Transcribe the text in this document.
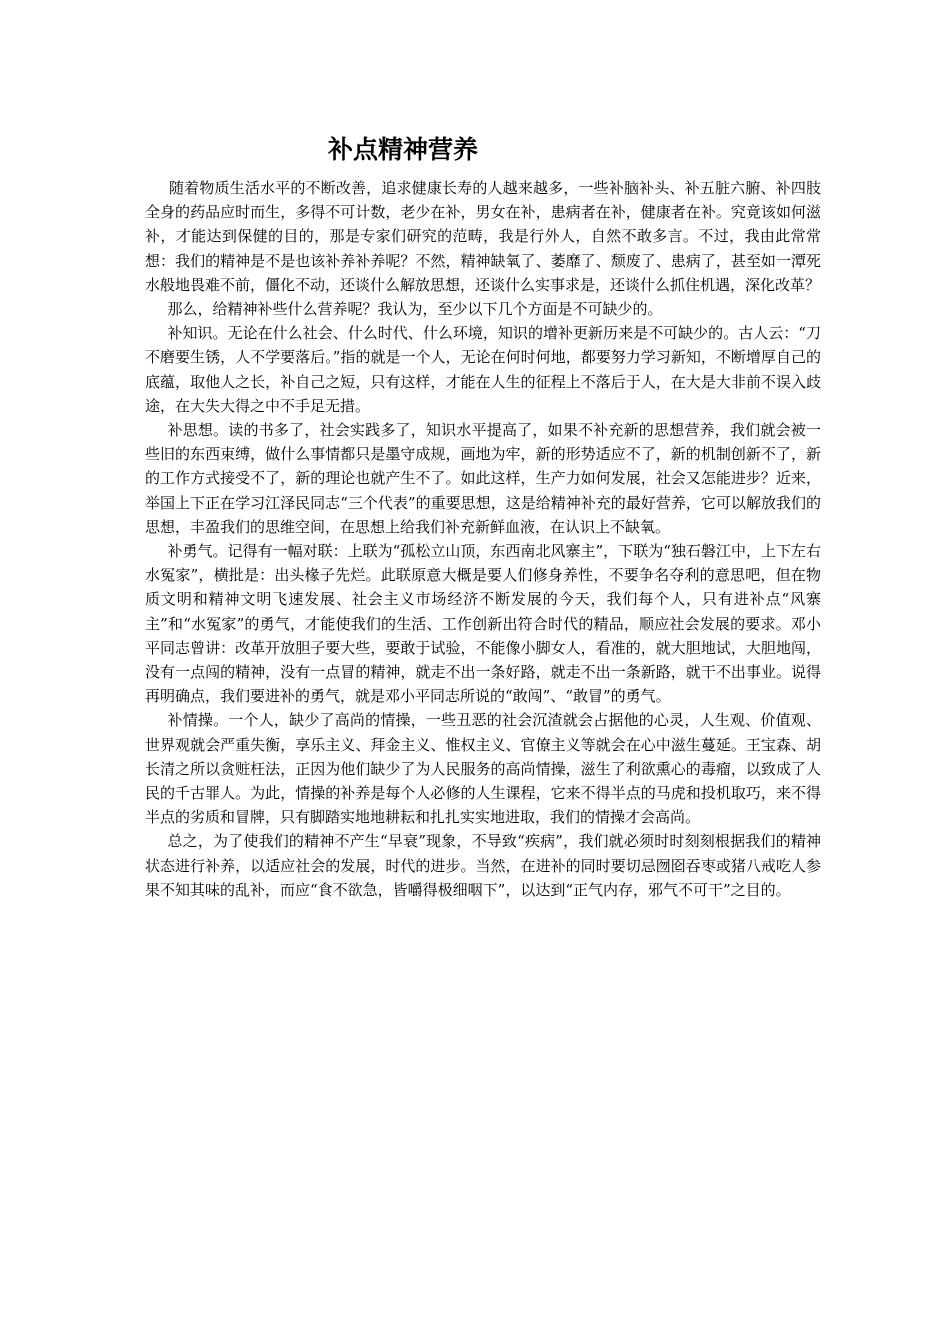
补点精神营养

随着物质生活水平的不断改善，追求健康长寿的人越来越多，一些补脑补头、补五脏六腑、补四肢全身的药品应时而生，多得不可计数，老少在补，男女在补，患病者在补，健康者在补。究竟该如何滋补，才能达到保健的目的，那是专家们研究的范畴，我是行外人，自然不敢多言。不过，我由此常常想：我们的精神是不是也该补养补养呢？不然，精神缺氧了、萎靡了、颓废了、患病了，甚至如一潭死水般地畏难不前，僵化不动，还谈什么解放思想，还谈什么实事求是，还谈什么抓住机遇，深化改革？

那么，给精神补些什么营养呢？我认为，至少以下几个方面是不可缺少的。

补知识。无论在什么社会、什么时代、什么环境，知识的增补更新历来是不可缺少的。古人云：“刀不磨要生锈，人不学要落后。”指的就是一个人，无论在何时何地，都要努力学习新知，不断增厚自己的底蕴，取他人之长，补自己之短，只有这样，才能在人生的征程上不落后于人，在大是大非前不误入歧途，在大失大得之中不手足无措。

补思想。读的书多了，社会实践多了，知识水平提高了，如果不补充新的思想营养，我们就会被一些旧的东西束缚，做什么事情都只是墨守成规，画地为牢，新的形势适应不了，新的机制创新不了，新的工作方式接受不了，新的理论也就产生不了。如此这样，生产力如何发展，社会又怎能进步？近来，举国上下正在学习江泽民同志“三个代表”的重要思想，这是给精神补充的最好营养，它可以解放我们的思想，丰盈我们的思维空间，在思想上给我们补充新鲜血液，在认识上不缺氧。

补勇气。记得有一幅对联：上联为“孤松立山顶，东西南北风寨主”，下联为“独石磐江中，上下左右水冤家”，横批是：出头椽子先烂。此联原意大概是要人们修身养性，不要争名夺利的意思吧，但在物质文明和精神文明飞速发展、社会主义市场经济不断发展的今天，我们每个人，只有进补点“风寨主”和“水冤家”的勇气，才能使我们的生活、工作创新出符合时代的精品，顺应社会发展的要求。邓小平同志曾讲：改革开放胆子要大些，要敢于试验，不能像小脚女人，看准的，就大胆地试，大胆地闯，没有一点闯的精神，没有一点冒的精神，就走不出一条好路，就走不出一条新路，就干不出事业。说得再明确点，我们要进补的勇气，就是邓小平同志所说的“敢闯”、“敢冒”的勇气。

补情操。一个人，缺少了高尚的情操，一些丑恶的社会沉渣就会占据他的心灵，人生观、价值观、世界观就会严重失衡，享乐主义、拜金主义、惟权主义、官僚主义等就会在心中滋生蔓延。王宝森、胡长清之所以贪赃枉法，正因为他们缺少了为人民服务的高尚情操，滋生了利欲熏心的毒瘤，以致成了人民的千古罪人。为此，情操的补养是每个人必修的人生课程，它来不得半点的马虎和投机取巧，来不得半点的劣质和冒牌，只有脚踏实地地耕耘和扎扎实实地进取，我们的情操才会高尚。

总之，为了使我们的精神不产生“早衰”现象，不导致“疾病”，我们就必须时时刻刻根据我们的精神状态进行补养，以适应社会的发展，时代的进步。当然，在进补的同时要切忌囫囵吞枣或猪八戒吃人参果不知其味的乱补，而应“食不欲急，皆嚼得极细咽下”，以达到“正气内存，邪气不可干”之目的。
